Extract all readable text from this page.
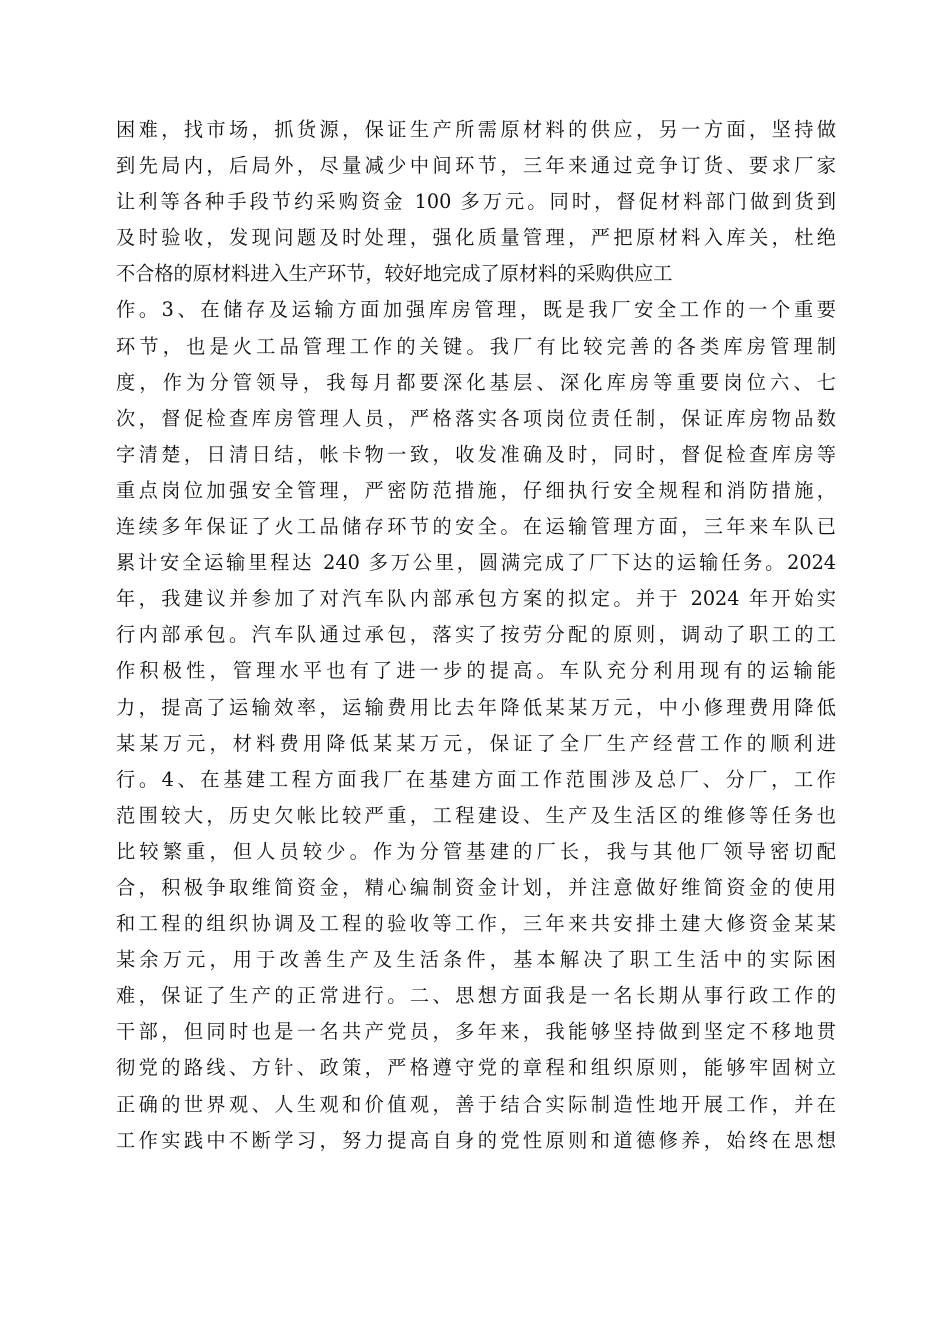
困难，找市场，抓货源，保证生产所需原材料的供应，另一方面，坚持做
到先局内，后局外，尽量减少中间环节，三年来通过竞争订货、要求厂家
让利等各种手段节约采购资金 100 多万元。同时，督促材料部门做到货到
及时验收，发现问题及时处理，强化质量管理，严把原材料入库关，杜绝
不合格的原材料进入生产环节，较好地完成了原材料的采购供应工
作。3、在储存及运输方面加强库房管理，既是我厂安全工作的一个重要
环节，也是火工品管理工作的关键。我厂有比较完善的各类库房管理制
度，作为分管领导，我每月都要深化基层、深化库房等重要岗位六、七
次，督促检查库房管理人员，严格落实各项岗位责任制，保证库房物品数
字清楚，日清日结，帐卡物一致，收发准确及时，同时，督促检查库房等
重点岗位加强安全管理，严密防范措施，仔细执行安全规程和消防措施，
连续多年保证了火工品储存环节的安全。在运输管理方面，三年来车队已
累计安全运输里程达 240 多万公里，圆满完成了厂下达的运输任务。2024
年，我建议并参加了对汽车队内部承包方案的拟定。并于 2024 年开始实
行内部承包。汽车队通过承包，落实了按劳分配的原则，调动了职工的工
作积极性，管理水平也有了进一步的提高。车队充分利用现有的运输能
力，提高了运输效率，运输费用比去年降低某某万元，中小修理费用降低
某某万元，材料费用降低某某万元，保证了全厂生产经营工作的顺利进
行。4、在基建工程方面我厂在基建方面工作范围涉及总厂、分厂，工作
范围较大，历史欠帐比较严重，工程建设、生产及生活区的维修等任务也
比较繁重，但人员较少。作为分管基建的厂长，我与其他厂领导密切配
合，积极争取维简资金，精心编制资金计划，并注意做好维简资金的使用
和工程的组织协调及工程的验收等工作，三年来共安排土建大修资金某某
某余万元，用于改善生产及生活条件，基本解决了职工生活中的实际困
难，保证了生产的正常进行。二、思想方面我是一名长期从事行政工作的
干部，但同时也是一名共产党员，多年来，我能够坚持做到坚定不移地贯
彻党的路线、方针、政策，严格遵守党的章程和组织原则，能够牢固树立
正确的世界观、人生观和价值观，善于结合实际制造性地开展工作，并在
工作实践中不断学习，努力提高自身的党性原则和道德修养，始终在思想
